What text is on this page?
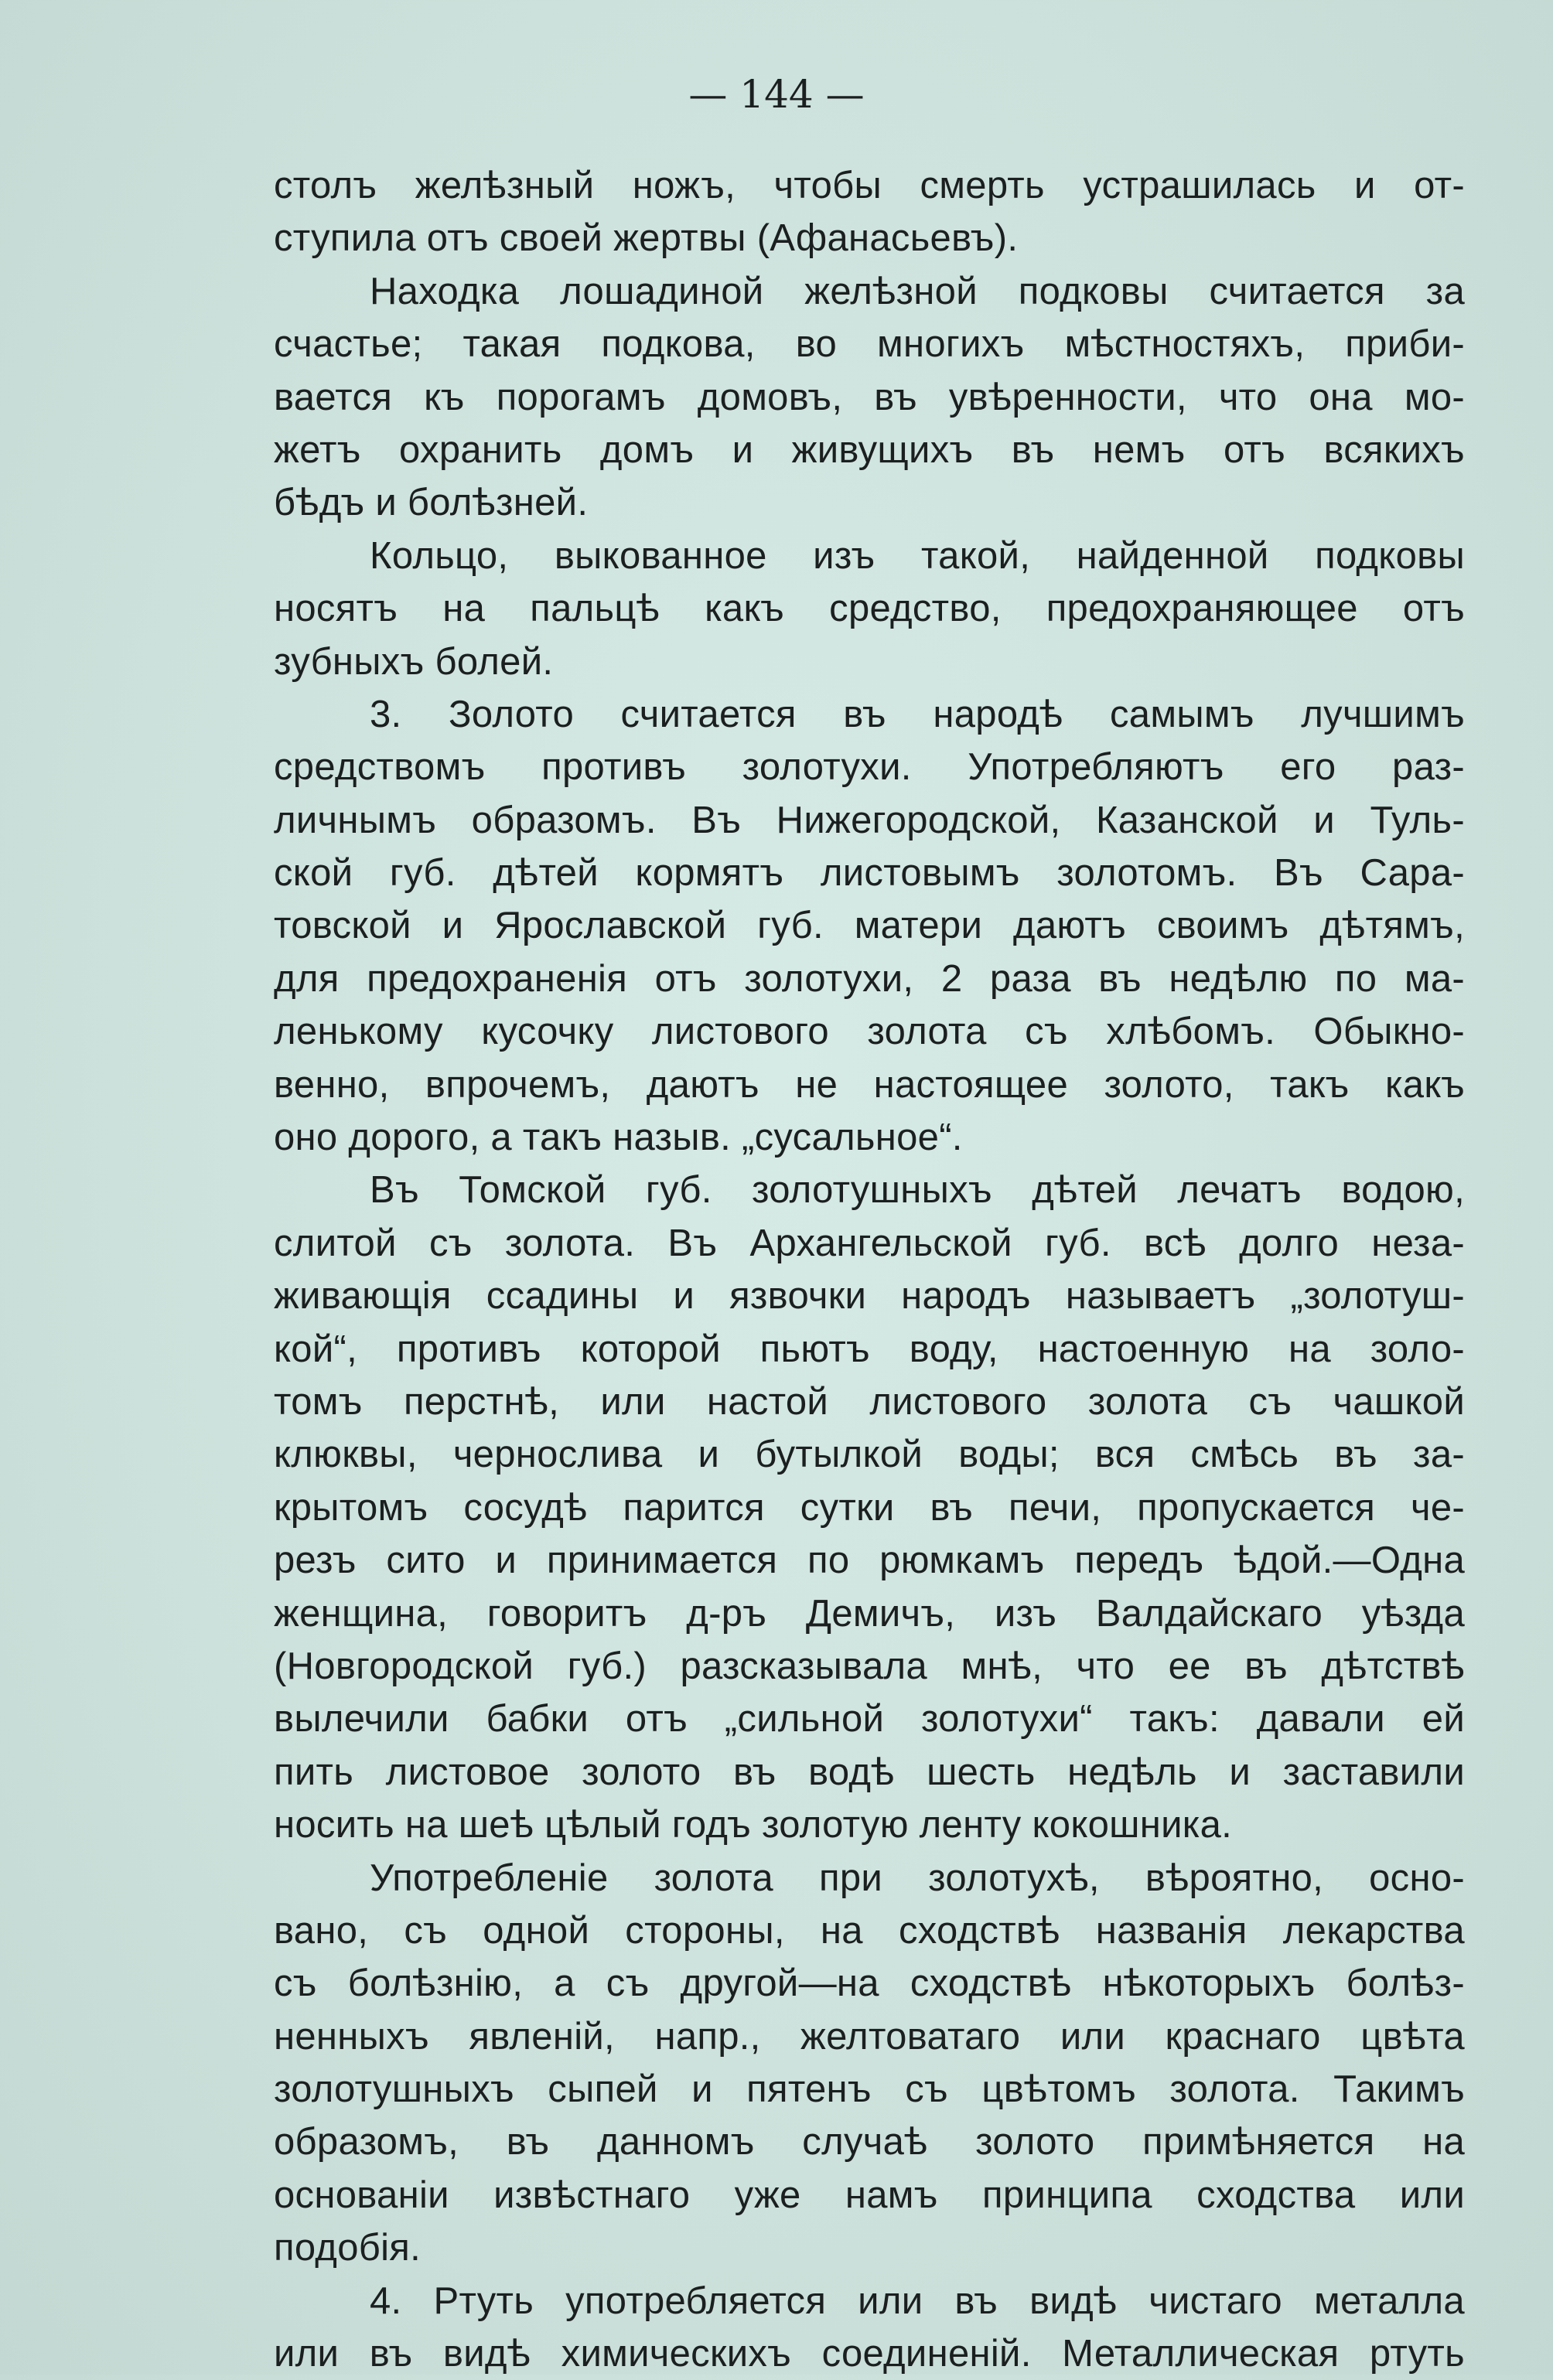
— 144 —
столъ желѣзный ножъ, чтобы смерть устрашилась и от-
ступила отъ своей жертвы (Афанасьевъ).
Находка лошадиной желѣзной подковы считается за
счастье; такая подкова, во многихъ мѣстностяхъ, приби-
вается къ порогамъ домовъ, въ увѣренности, что она мо-
жетъ охранить домъ и живущихъ въ немъ отъ всякихъ
бѣдъ и болѣзней.
Кольцо, выкованное изъ такой, найденной подковы
носятъ на пальцѣ какъ средство, предохраняющее отъ
зубныхъ болей.
3. Золото считается въ народѣ самымъ лучшимъ
средствомъ противъ золотухи. Употребляютъ его раз-
личнымъ образомъ. Въ Нижегородской, Казанской и Туль-
ской губ. дѣтей кормятъ листовымъ золотомъ. Въ Сара-
товской и Ярославской губ. матери даютъ своимъ дѣтямъ,
для предохраненія отъ золотухи, 2 раза въ недѣлю по ма-
ленькому кусочку листового золота съ хлѣбомъ. Обыкно-
венно, впрочемъ, даютъ не настоящее золото, такъ какъ
оно дорого, а такъ назыв. „сусальное“.
Въ Томской губ. золотушныхъ дѣтей лечатъ водою,
слитой съ золота. Въ Архангельской губ. всѣ долго неза-
живающія ссадины и язвочки народъ называетъ „золотуш-
кой“, противъ которой пьютъ воду, настоенную на золо-
томъ перстнѣ, или настой листового золота съ чашкой
клюквы, чернослива и бутылкой воды; вся смѣсь въ за-
крытомъ сосудѣ парится сутки въ печи, пропускается че-
резъ сито и принимается по рюмкамъ передъ ѣдой.—Одна
женщина, говоритъ д-ръ Демичъ, изъ Валдайскаго уѣзда
(Новгородской губ.) разсказывала мнѣ, что ее въ дѣтствѣ
вылечили бабки отъ „сильной золотухи“ такъ: давали ей
пить листовое золото въ водѣ шесть недѣль и заставили
носить на шеѣ цѣлый годъ золотую ленту кокошника.
Употребленіе золота при золотухѣ, вѣроятно, осно-
вано, съ одной стороны, на сходствѣ названія лекарства
съ болѣзнію, а съ другой—на сходствѣ нѣкоторыхъ болѣз-
ненныхъ явленій, напр., желтоватаго или краснаго цвѣта
золотушныхъ сыпей и пятенъ съ цвѣтомъ золота. Такимъ
образомъ, въ данномъ случаѣ золото примѣняется на
основаніи извѣстнаго уже намъ принципа сходства или
подобія.
4. Ртуть употребляется или въ видѣ чистаго металла
или въ видѣ химическихъ соединеній. Металлическая ртуть
